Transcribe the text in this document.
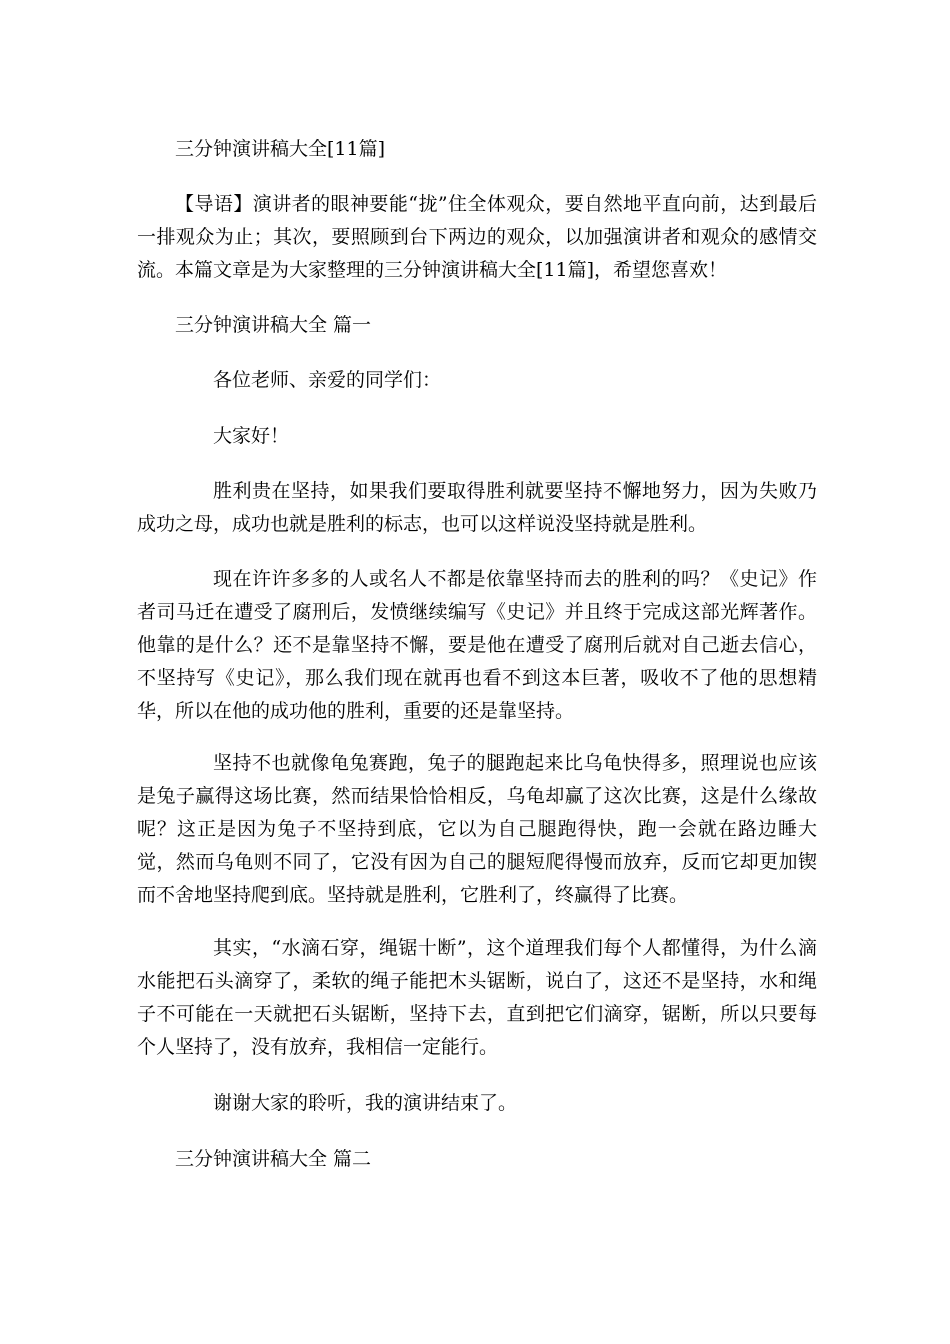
三分钟演讲稿大全[11篇]

【导语】演讲者的眼神要能“拢”住全体观众，要自然地平直向前，达到最后一排观众为止；其次，要照顾到台下两边的观众，以加强演讲者和观众的感情交流。本篇文章是为大家整理的三分钟演讲稿大全[11篇]，希望您喜欢！

三分钟演讲稿大全 篇一

各位老师、亲爱的同学们：

大家好！

胜利贵在坚持，如果我们要取得胜利就要坚持不懈地努力，因为失败乃成功之母，成功也就是胜利的标志，也可以这样说没坚持就是胜利。

现在许许多多的人或名人不都是依靠坚持而去的胜利的吗？《史记》作者司马迁在遭受了腐刑后，发愤继续编写《史记》并且终于完成这部光辉著作。他靠的是什么？还不是靠坚持不懈，要是他在遭受了腐刑后就对自己逝去信心，不坚持写《史记》，那么我们现在就再也看不到这本巨著，吸收不了他的思想精华，所以在他的成功他的胜利，重要的还是靠坚持。

坚持不也就像龟兔赛跑，兔子的腿跑起来比乌龟快得多，照理说也应该是兔子赢得这场比赛，然而结果恰恰相反，乌龟却赢了这次比赛，这是什么缘故呢？这正是因为兔子不坚持到底，它以为自己腿跑得快，跑一会就在路边睡大觉，然而乌龟则不同了，它没有因为自己的腿短爬得慢而放弃，反而它却更加锲而不舍地坚持爬到底。坚持就是胜利，它胜利了，终赢得了比赛。

其实，“水滴石穿，绳锯十断”，这个道理我们每个人都懂得，为什么滴水能把石头滴穿了，柔软的绳子能把木头锯断，说白了，这还不是坚持，水和绳子不可能在一天就把石头锯断，坚持下去，直到把它们滴穿，锯断，所以只要每个人坚持了，没有放弃，我相信一定能行。

谢谢大家的聆听，我的演讲结束了。

三分钟演讲稿大全 篇二
